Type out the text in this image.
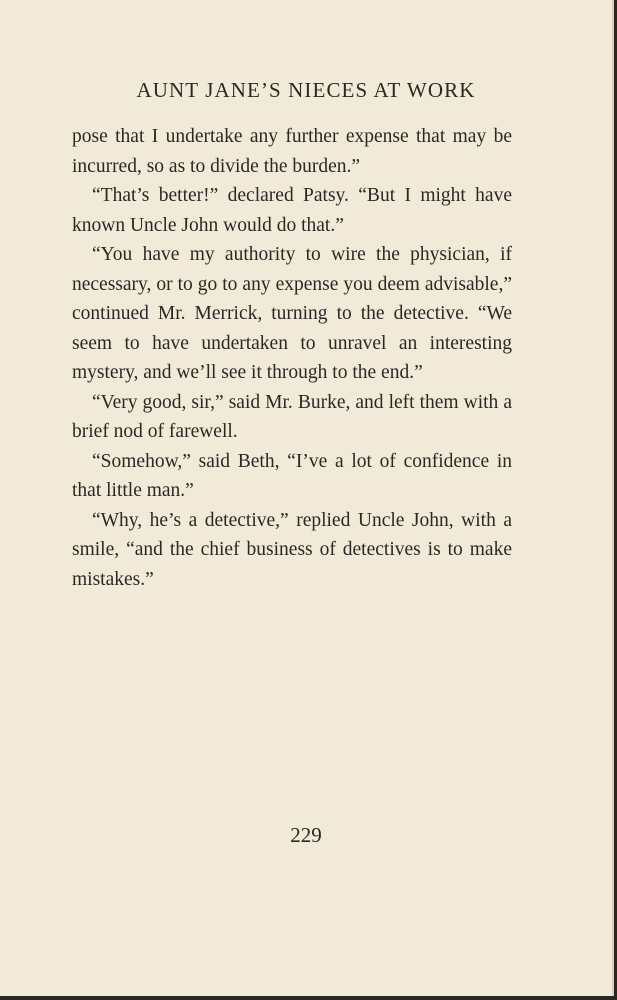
AUNT JANE’S NIECES AT WORK

pose that I undertake any further expense that may be incurred, so as to divide the burden.”

“That’s better!” declared Patsy. “But I might have known Uncle John would do that.”

“You have my authority to wire the physician, if necessary, or to go to any expense you deem advisable,” continued Mr. Merrick, turning to the detective. “We seem to have undertaken to unravel an interesting mystery, and we’ll see it through to the end.”

“Very good, sir,” said Mr. Burke, and left them with a brief nod of farewell.

“Somehow,” said Beth, “I’ve a lot of confidence in that little man.”

“Why, he’s a detective,” replied Uncle John, with a smile, “and the chief business of detectives is to make mistakes.”

229
